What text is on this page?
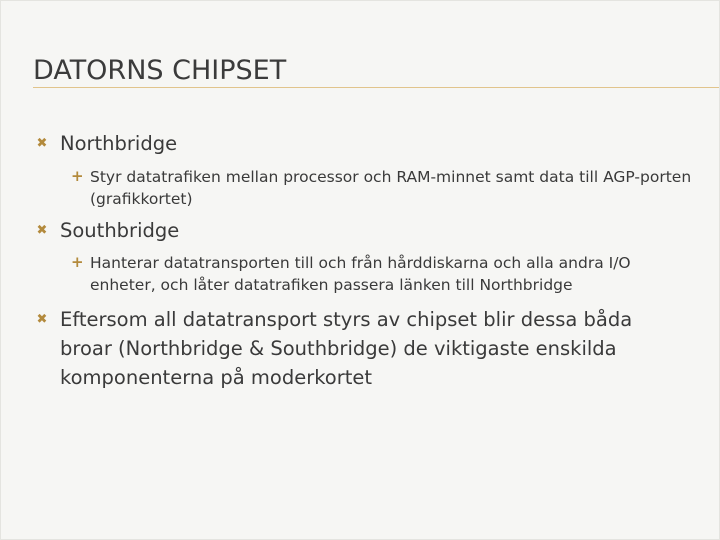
DATORNS CHIPSET
✖ Northbridge
+ Styr datatrafiken mellan processor och RAM-minnet samt data till AGP-porten (grafikkortet)
✖ Southbridge
+ Hanterar datatransporten till och från hårddiskarna och alla andra I/O enheter, och låter datatrafiken passera länken till Northbridge
✖ Eftersom all datatransport styrs av chipset blir dessa båda broar (Northbridge & Southbridge) de viktigaste enskilda komponenterna på moderkortet
